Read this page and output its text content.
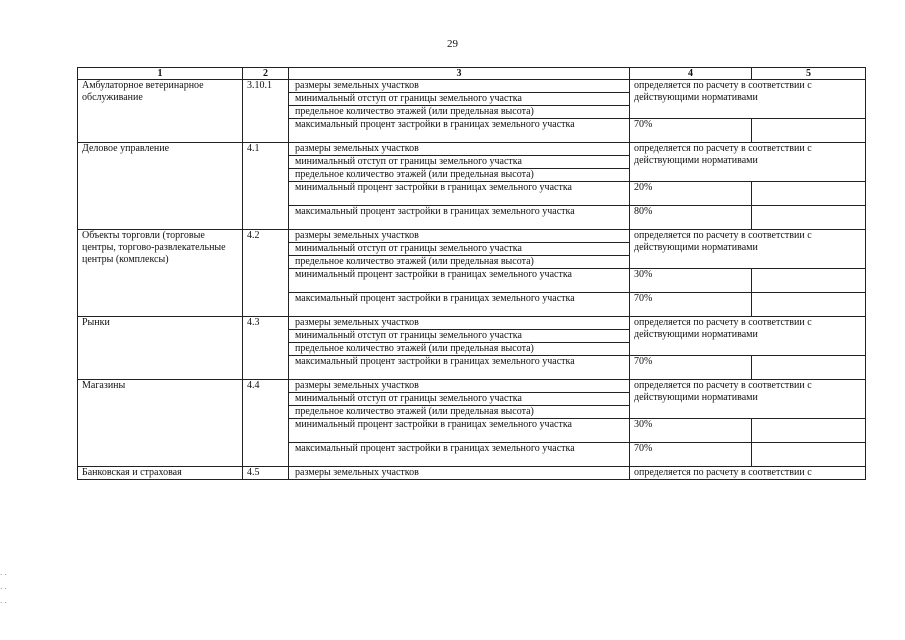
29
1	2	3	4	5
Амбулаторное ветеринарное обслуживание	3.10.1	размеры земельных участков	определяется по расчету в соответствии с действующими нормативами	
		минимальный отступ от границы земельного участка		
		предельное количество этажей (или предельная высота)		
		максимальный процент застройки в границах земельного участка	70%	
Деловое управление	4.1	размеры земельных участков	определяется по расчету в соответствии с действующими нормативами	
		минимальный отступ от границы земельного участка		
		предельное количество этажей (или предельная высота)		
		минимальный процент застройки в границах земельного участка	20%	
		максимальный процент застройки в границах земельного участка	80%	
Объекты торговли (торговые центры, торгово-развлекательные центры (комплексы)	4.2	размеры земельных участков	определяется по расчету в соответствии с действующими нормативами	
		минимальный отступ от границы земельного участка		
		предельное количество этажей (или предельная высота)		
		минимальный процент застройки в границах земельного участка	30%	
		максимальный процент застройки в границах земельного участка	70%	
Рынки	4.3	размеры земельных участков	определяется по расчету в соответствии с действующими нормативами	
		минимальный отступ от границы земельного участка		
		предельное количество этажей (или предельная высота)		
		максимальный процент застройки в границах земельного участка	70%	
Магазины	4.4	размеры земельных участков	определяется по расчету в соответствии с действующими нормативами	
		минимальный отступ от границы земельного участка		
		предельное количество этажей (или предельная высота)		
		минимальный процент застройки в границах земельного участка	30%	
		максимальный процент застройки в границах земельного участка	70%	
Банковская и страховая	4.5	размеры земельных участков	определяется по расчету в соответствии с	
. .
. .
. .
